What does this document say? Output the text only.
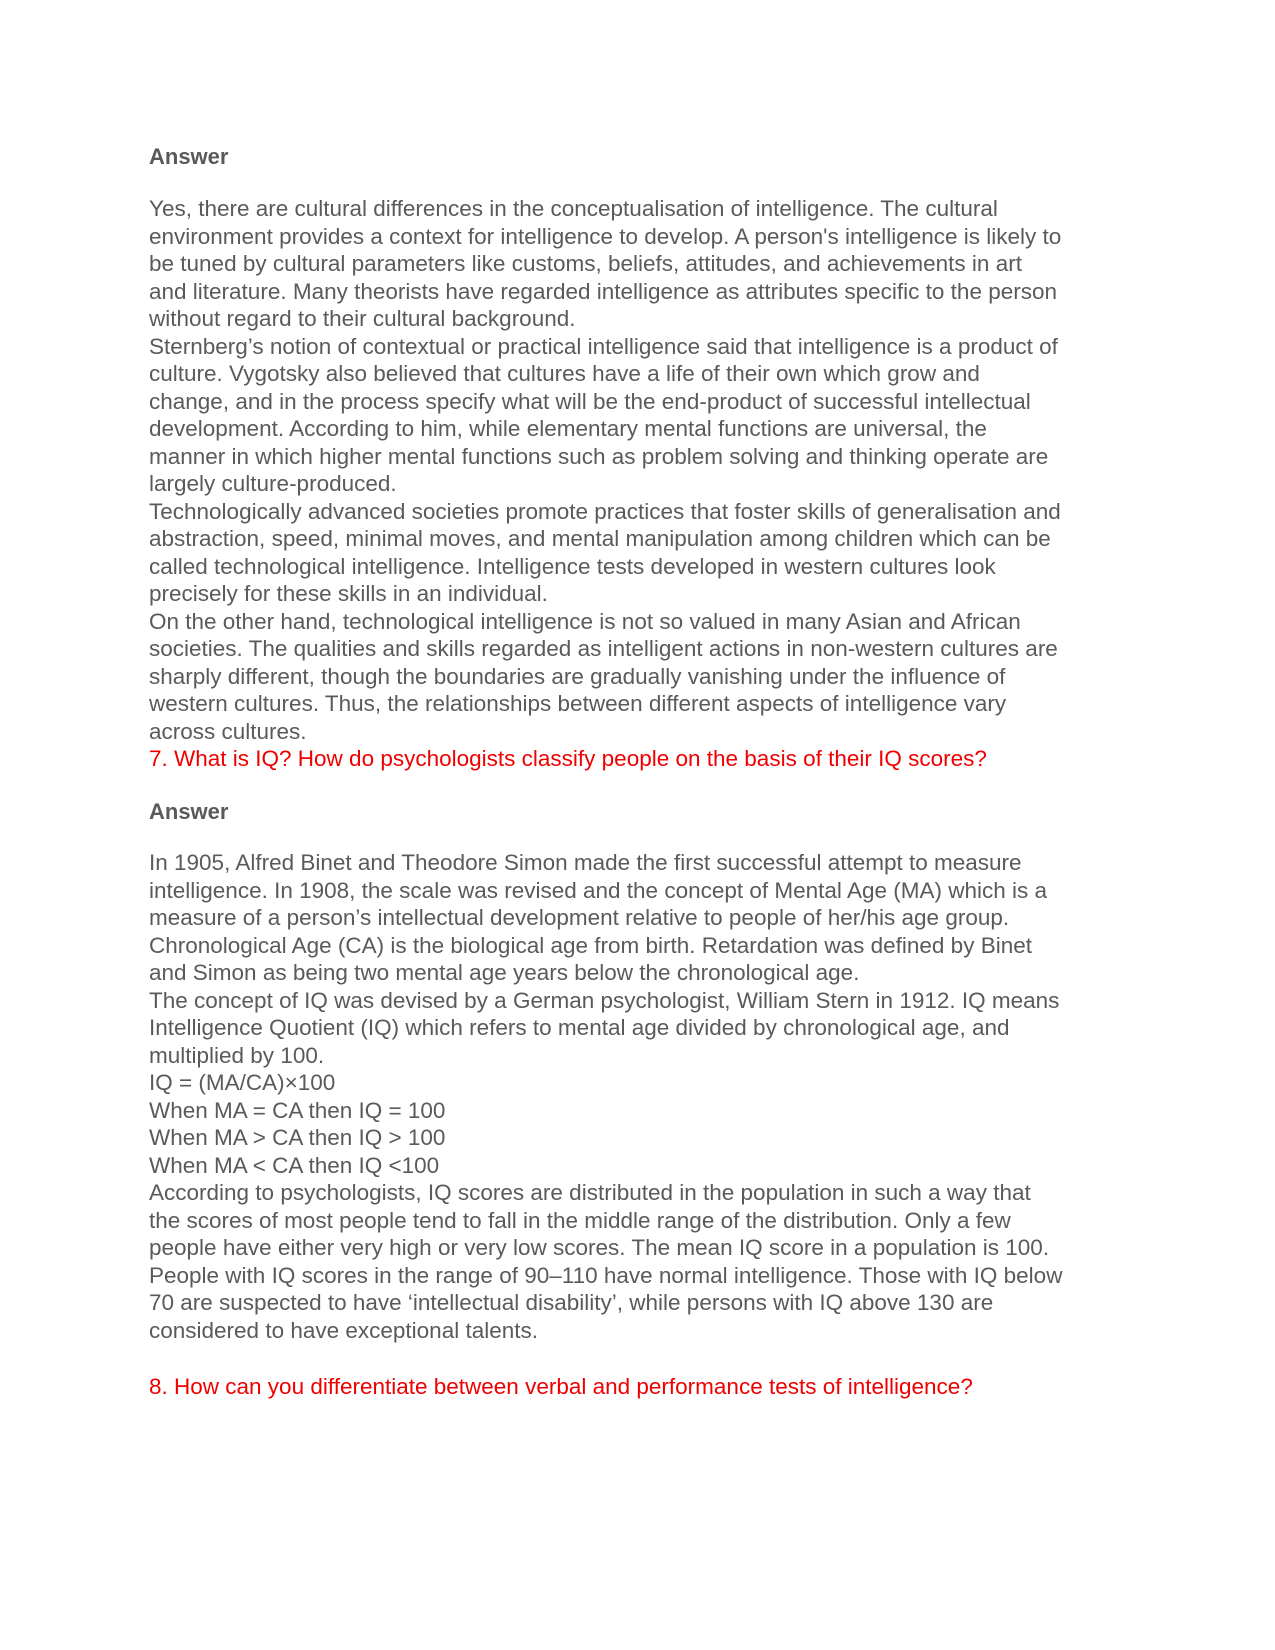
Answer
Yes, there are cultural differences in the conceptualisation of intelligence. The cultural
environment provides a context for intelligence to develop. A person's intelligence is likely to
be tuned by cultural parameters like customs, beliefs, attitudes, and achievements in art
and literature. Many theorists have regarded intelligence as attributes specific to the person
without regard to their cultural background.
Sternberg’s notion of contextual or practical intelligence said that intelligence is a product of
culture. Vygotsky also believed that cultures have a life of their own which grow and
change, and in the process specify what will be the end-product of successful intellectual
development. According to him, while elementary mental functions are universal, the
manner in which higher mental functions such as problem solving and thinking operate are
largely culture-produced.
Technologically advanced societies promote practices that foster skills of generalisation and
abstraction, speed, minimal moves, and mental manipulation among children which can be
called technological intelligence. Intelligence tests developed in western cultures look
precisely for these skills in an individual.
On the other hand, technological intelligence is not so valued in many Asian and African
societies. The qualities and skills regarded as intelligent actions in non-western cultures are
sharply different, though the boundaries are gradually vanishing under the influence of
western cultures. Thus, the relationships between different aspects of intelligence vary
across cultures.
7. What is IQ? How do psychologists classify people on the basis of their IQ scores?
Answer
In 1905, Alfred Binet and Theodore Simon made the first successful attempt to measure
intelligence. In 1908, the scale was revised and the concept of Mental Age (MA) which is a
measure of a person’s intellectual development relative to people of her/his age group.
Chronological Age (CA) is the biological age from birth. Retardation was defined by Binet
and Simon as being two mental age years below the chronological age.
The concept of IQ was devised by a German psychologist, William Stern in 1912. IQ means
Intelligence Quotient (IQ) which refers to mental age divided by chronological age, and
multiplied by 100.
IQ = (MA/CA)×100
When MA = CA then IQ = 100
When MA > CA then IQ > 100
When MA < CA then IQ <100
According to psychologists, IQ scores are distributed in the population in such a way that
the scores of most people tend to fall in the middle range of the distribution. Only a few
people have either very high or very low scores. The mean IQ score in a population is 100.
People with IQ scores in the range of 90–110 have normal intelligence. Those with IQ below
70 are suspected to have ‘intellectual disability’, while persons with IQ above 130 are
considered to have exceptional talents.
8. How can you differentiate between verbal and performance tests of intelligence?
